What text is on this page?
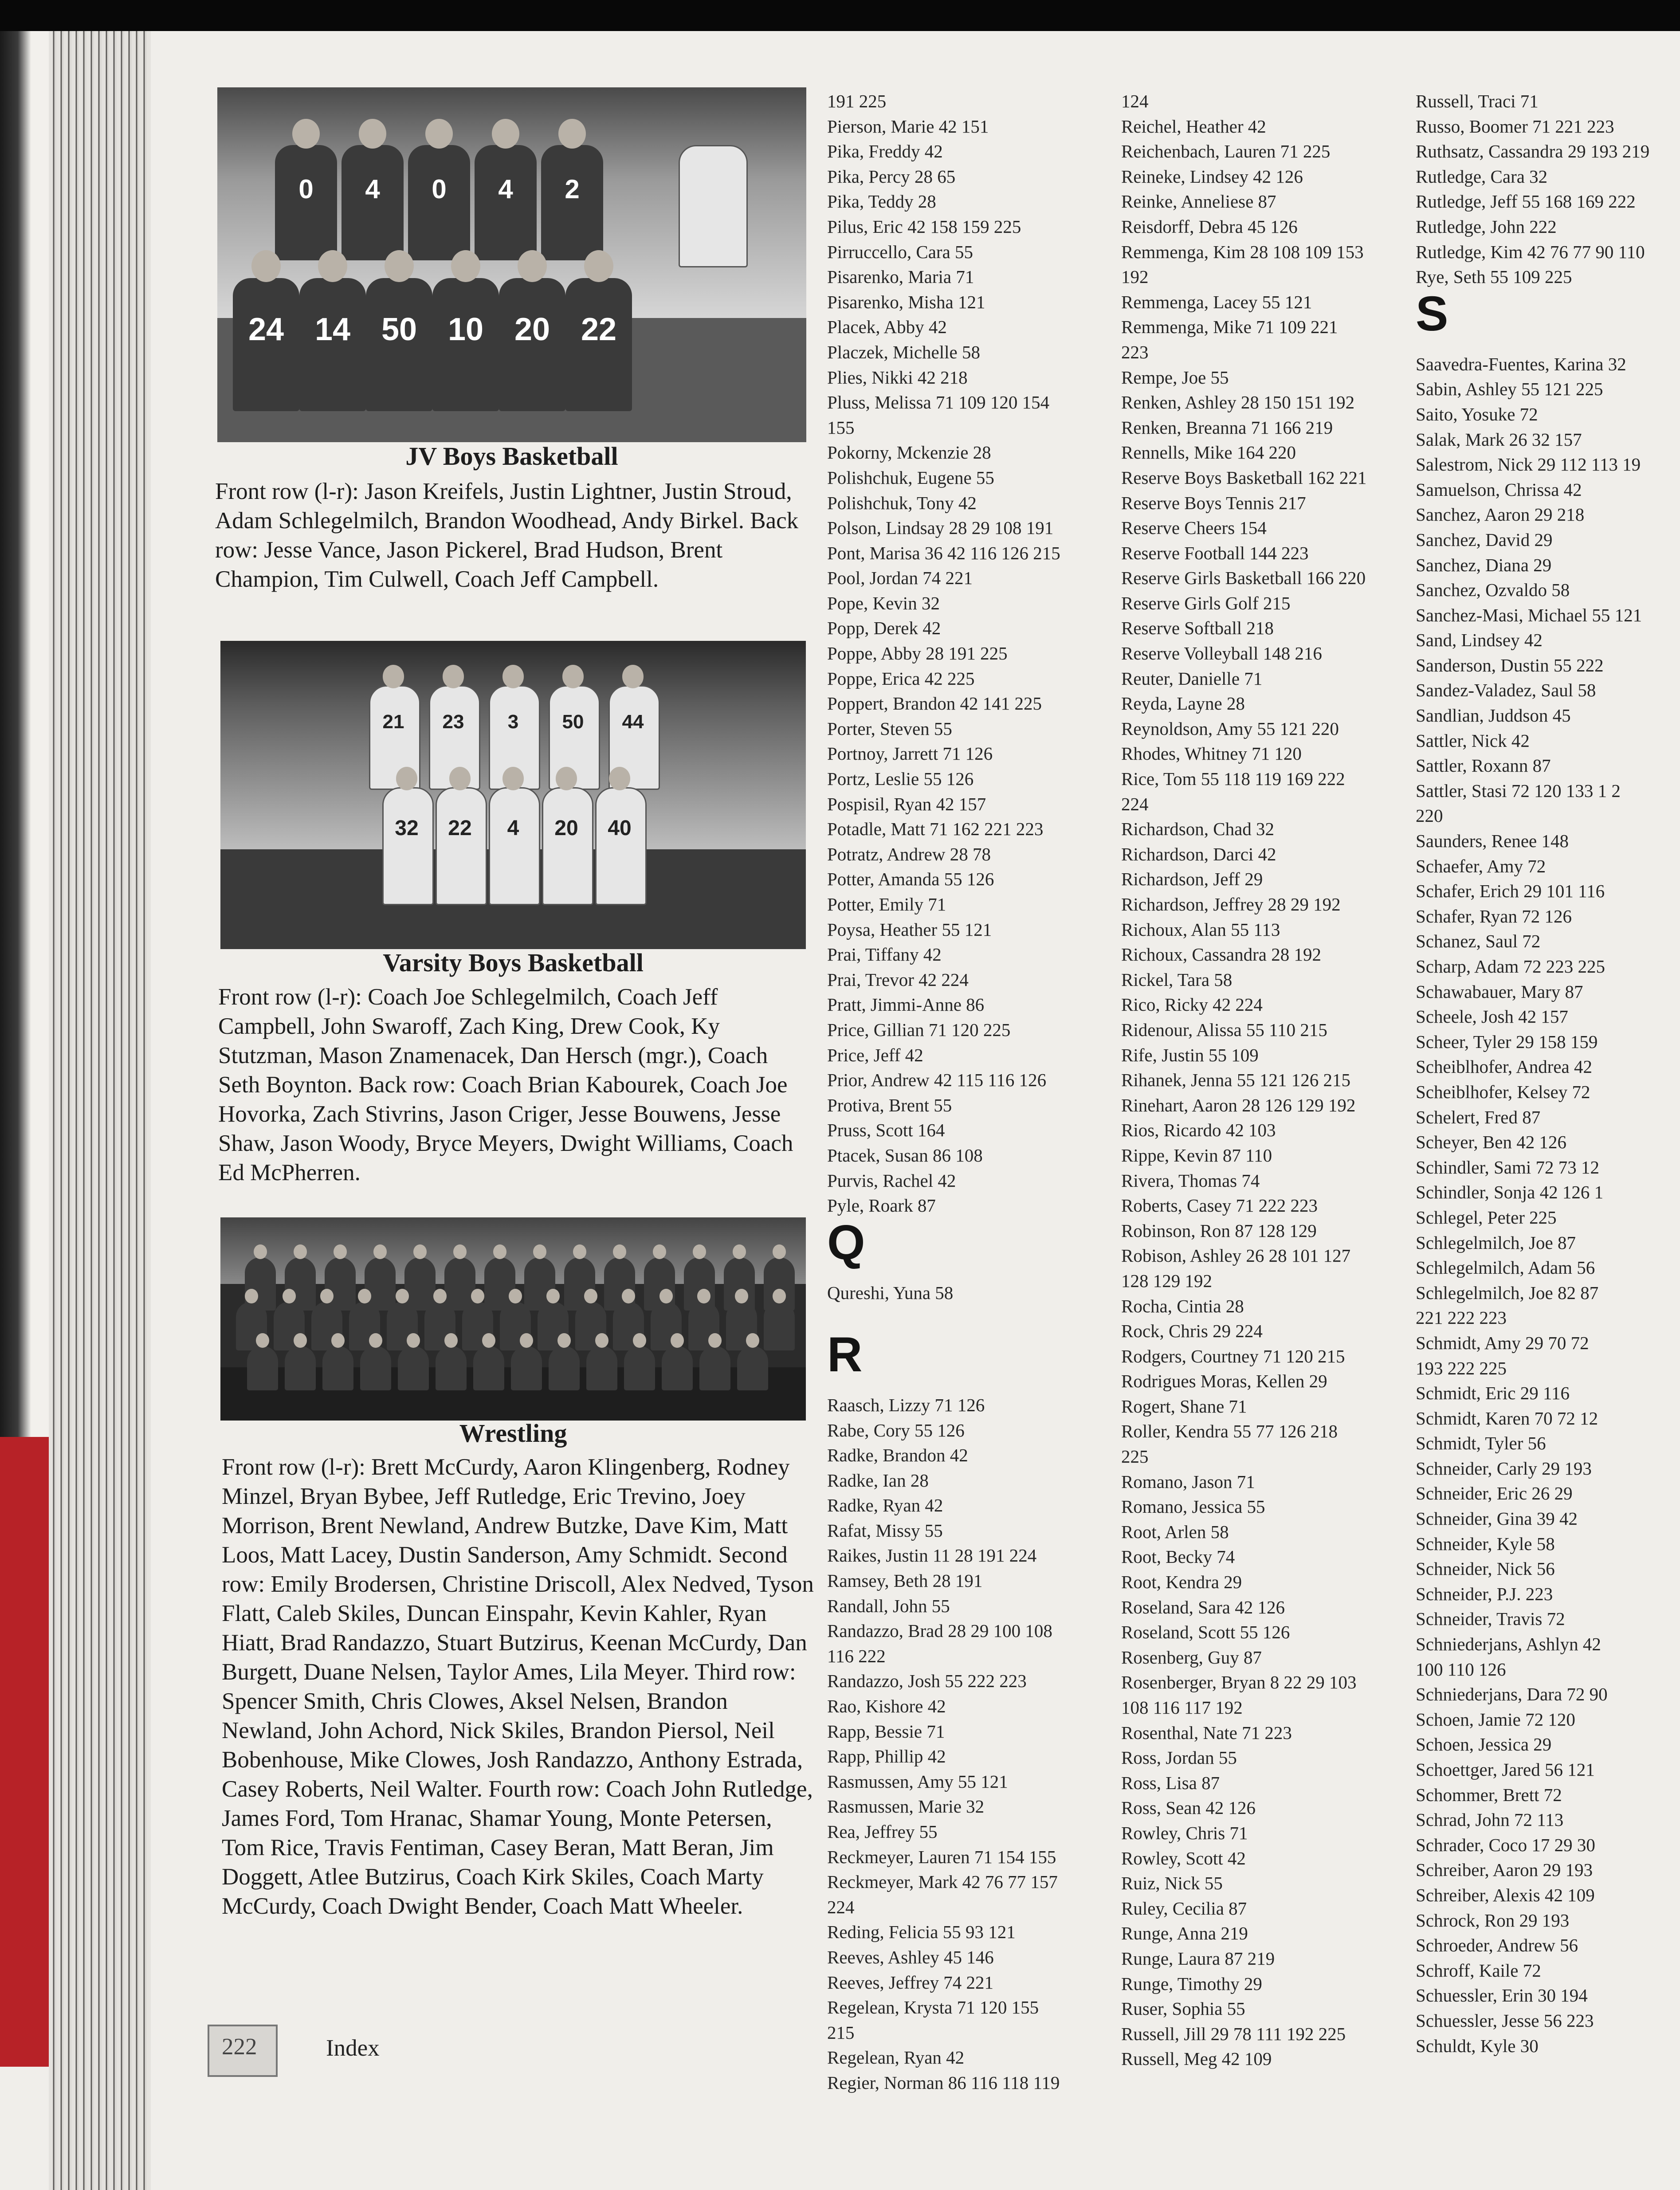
0	4	0	4	2
24 14 50 10 20 22
JV Boys Basketball
Front row (l-r): Jason Kreifels, Justin Lightner, Justin Stroud, Adam Schlegelmilch, Brandon Woodhead, Andy Birkel. Back row: Jesse Vance, Jason Pickerel, Brad Hudson, Brent Champion, Tim Culwell, Coach Jeff Campbell.
21	23	3	50	44
32	22	4	20	40
Varsity Boys Basketball
Front row (l-r): Coach Joe Schlegelmilch, Coach Jeff Campbell, John Swaroff, Zach King, Drew Cook, Ky Stutzman, Mason Znamenacek, Dan Hersch (mgr.), Coach Seth Boynton. Back row: Coach Brian Kabourek, Coach Joe Hovorka, Zach Stivrins, Jason Criger, Jesse Bouwens, Jesse Shaw, Jason Woody, Bryce Meyers, Dwight Williams, Coach Ed McPherren.
Wrestling
Front row (l-r): Brett McCurdy, Aaron Klingenberg, Rodney Minzel, Bryan Bybee, Jeff Rutledge, Eric Trevino, Joey Morrison, Brent Newland, Andrew Butzke, Dave Kim, Matt Loos, Matt Lacey, Dustin Sanderson, Amy Schmidt. Second row: Emily Brodersen, Christine Driscoll, Alex Nedved, Tyson Flatt, Caleb Skiles, Duncan Einspahr, Kevin Kahler, Ryan Hiatt, Brad Randazzo, Stuart Butzirus, Keenan McCurdy, Dan Burgett, Duane Nelsen, Taylor Ames, Lila Meyer. Third row: Spencer Smith, Chris Clowes, Aksel Nelsen, Brandon Newland, John Achord, Nick Skiles, Brandon Piersol, Neil Bobenhouse, Mike Clowes, Josh Randazzo, Anthony Estrada, Casey Roberts, Neil Walter. Fourth row: Coach John Rutledge, James Ford, Tom Hranac, Shamar Young, Monte Petersen, Tom Rice, Travis Fentiman, Casey Beran, Matt Beran, Jim Doggett, Atlee Butzirus, Coach Kirk Skiles, Coach Marty McCurdy, Coach Dwight Bender, Coach Matt Wheeler.
191 225
Pierson, Marie 42 151
Pika, Freddy 42
Pika, Percy 28 65
Pika, Teddy 28
Pilus, Eric 42 158 159 225
Pirruccello, Cara 55
Pisarenko, Maria 71
Pisarenko, Misha 121
Placek, Abby 42
Placzek, Michelle 58
Plies, Nikki 42 218
Pluss, Melissa 71 109 120 154
155
Pokorny, Mckenzie 28
Polishchuk, Eugene 55
Polishchuk, Tony 42
Polson, Lindsay 28 29 108 191
Pont, Marisa 36 42 116 126 215
Pool, Jordan 74 221
Pope, Kevin 32
Popp, Derek 42
Poppe, Abby 28 191 225
Poppe, Erica 42 225
Poppert, Brandon 42 141 225
Porter, Steven 55
Portnoy, Jarrett 71 126
Portz, Leslie 55 126
Pospisil, Ryan 42 157
Potadle, Matt 71 162 221 223
Potratz, Andrew 28 78
Potter, Amanda 55 126
Potter, Emily 71
Poysa, Heather 55 121
Prai, Tiffany 42
Prai, Trevor 42 224
Pratt, Jimmi-Anne 86
Price, Gillian 71 120 225
Price, Jeff 42
Prior, Andrew 42 115 116 126
Protiva, Brent 55
Pruss, Scott 164
Ptacek, Susan 86 108
Purvis, Rachel 42
Pyle, Roark 87
Q
Qureshi, Yuna 58
R
Raasch, Lizzy 71 126
Rabe, Cory 55 126
Radke, Brandon 42
Radke, Ian 28
Radke, Ryan 42
Rafat, Missy 55
Raikes, Justin 11 28 191 224
Ramsey, Beth 28 191
Randall, John 55
Randazzo, Brad 28 29 100 108
116 222
Randazzo, Josh 55 222 223
Rao, Kishore 42
Rapp, Bessie 71
Rapp, Phillip 42
Rasmussen, Amy 55 121
Rasmussen, Marie 32
Rea, Jeffrey 55
Reckmeyer, Lauren 71 154 155
Reckmeyer, Mark 42 76 77 157
224
Reding, Felicia 55 93 121
Reeves, Ashley 45 146
Reeves, Jeffrey 74 221
Regelean, Krysta 71 120 155
215
Regelean, Ryan 42
Regier, Norman 86 116 118 119
124
Reichel, Heather 42
Reichenbach, Lauren 71 225
Reineke, Lindsey 42 126
Reinke, Anneliese 87
Reisdorff, Debra 45 126
Remmenga, Kim 28 108 109 153
192
Remmenga, Lacey 55 121
Remmenga, Mike 71 109 221
223
Rempe, Joe 55
Renken, Ashley 28 150 151 192
Renken, Breanna 71 166 219
Rennells, Mike 164 220
Reserve Boys Basketball 162 221
Reserve Boys Tennis 217
Reserve Cheers 154
Reserve Football 144 223
Reserve Girls Basketball 166 220
Reserve Girls Golf 215
Reserve Softball 218
Reserve Volleyball 148 216
Reuter, Danielle 71
Reyda, Layne 28
Reynoldson, Amy 55 121 220
Rhodes, Whitney 71 120
Rice, Tom 55 118 119 169 222
224
Richardson, Chad 32
Richardson, Darci 42
Richardson, Jeff 29
Richardson, Jeffrey 28 29 192
Richoux, Alan 55 113
Richoux, Cassandra 28 192
Rickel, Tara 58
Rico, Ricky 42 224
Ridenour, Alissa 55 110 215
Rife, Justin 55 109
Rihanek, Jenna 55 121 126 215
Rinehart, Aaron 28 126 129 192
Rios, Ricardo 42 103
Rippe, Kevin 87 110
Rivera, Thomas 74
Roberts, Casey 71 222 223
Robinson, Ron 87 128 129
Robison, Ashley 26 28 101 127
128 129 192
Rocha, Cintia 28
Rock, Chris 29 224
Rodgers, Courtney 71 120 215
Rodrigues Moras, Kellen 29
Rogert, Shane 71
Roller, Kendra 55 77 126 218
225
Romano, Jason 71
Romano, Jessica 55
Root, Arlen 58
Root, Becky 74
Root, Kendra 29
Roseland, Sara 42 126
Roseland, Scott 55 126
Rosenberg, Guy 87
Rosenberger, Bryan 8 22 29 103
108 116 117 192
Rosenthal, Nate 71 223
Ross, Jordan 55
Ross, Lisa 87
Ross, Sean 42 126
Rowley, Chris 71
Rowley, Scott 42
Ruiz, Nick 55
Ruley, Cecilia 87
Runge, Anna 219
Runge, Laura 87 219
Runge, Timothy 29
Ruser, Sophia 55
Russell, Jill 29 78 111 192 225
Russell, Meg 42 109
Russell, Traci 71
Russo, Boomer 71 221 223
Ruthsatz, Cassandra 29 193 219
Rutledge, Cara 32
Rutledge, Jeff 55 168 169 222
Rutledge, John 222
Rutledge, Kim 42 76 77 90 110
Rye, Seth 55 109 225
S
Saavedra-Fuentes, Karina 32
Sabin, Ashley 55 121 225
Saito, Yosuke 72
Salak, Mark 26 32 157
Salestrom, Nick 29 112 113 19
Samuelson, Chrissa 42
Sanchez, Aaron 29 218
Sanchez, David 29
Sanchez, Diana 29
Sanchez, Ozvaldo 58
Sanchez-Masi, Michael 55 121
Sand, Lindsey 42
Sanderson, Dustin 55 222
Sandez-Valadez, Saul 58
Sandlian, Juddson 45
Sattler, Nick 42
Sattler, Roxann 87
Sattler, Stasi 72 120 133 1 2
220
Saunders, Renee 148
Schaefer, Amy 72
Schafer, Erich 29 101 116
Schafer, Ryan 72 126
Schanez, Saul 72
Scharp, Adam 72 223 225
Schawabauer, Mary 87
Scheele, Josh 42 157
Scheer, Tyler 29 158 159
Scheiblhofer, Andrea 42
Scheiblhofer, Kelsey 72
Schelert, Fred 87
Scheyer, Ben 42 126
Schindler, Sami 72 73 12
Schindler, Sonja 42 126 1
Schlegel, Peter 225
Schlegelmilch, Joe 87
Schlegelmilch, Adam 56
Schlegelmilch, Joe 82 87
221 222 223
Schmidt, Amy 29 70 72
193 222 225
Schmidt, Eric 29 116
Schmidt, Karen 70 72 12
Schmidt, Tyler 56
Schneider, Carly 29 193
Schneider, Eric 26 29
Schneider, Gina 39 42
Schneider, Kyle 58
Schneider, Nick 56
Schneider, P.J. 223
Schneider, Travis 72
Schniederjans, Ashlyn 42
100 110 126
Schniederjans, Dara 72 90
Schoen, Jamie 72 120
Schoen, Jessica 29
Schoettger, Jared 56 121
Schommer, Brett 72
Schrad, John 72 113
Schrader, Coco 17 29 30
Schreiber, Aaron 29 193
Schreiber, Alexis 42 109
Schrock, Ron 29 193
Schroeder, Andrew 56
Schroff, Kaile 72
Schuessler, Erin 30 194
Schuessler, Jesse 56 223
Schuldt, Kyle 30
222	Index
